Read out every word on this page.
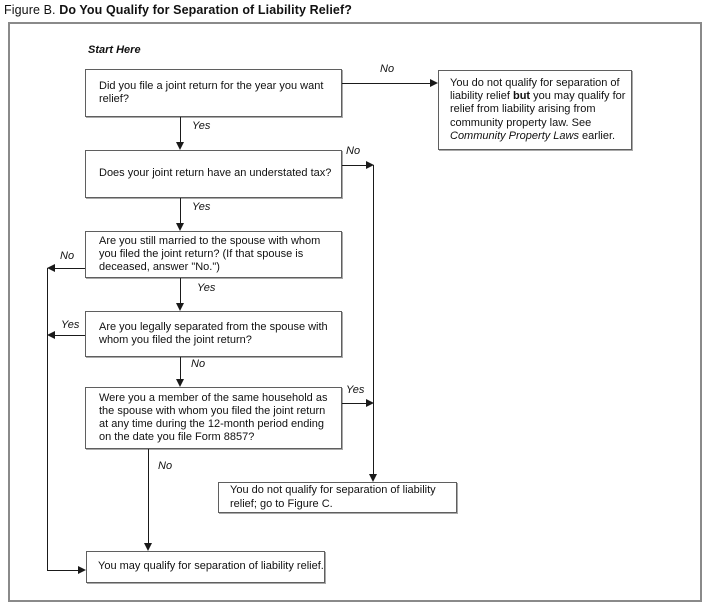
Figure B. Do You Qualify for Separation of Liability Relief?
Start Here
Did you file a joint return for the year you want
relief?
Does your joint return have an understated tax?
Are you still married to the spouse with whom
you filed the joint return? (If that spouse is
deceased, answer "No.")
Are you legally separated from the spouse with
whom you filed the joint return?
Were you a member of the same household as
the spouse with whom you filed the joint return
at any time during the 12-month period ending
on the date you file Form 8857?
You do not qualify for separation of
liability relief but you may qualify for
relief from liability arising from
community property law. See
Community Property Laws earlier.
You do not qualify for separation of liability
relief; go to Figure C.
You may qualify for separation of liability relief.
Yes
No
No
Yes
No
Yes
Yes
No
Yes
No
